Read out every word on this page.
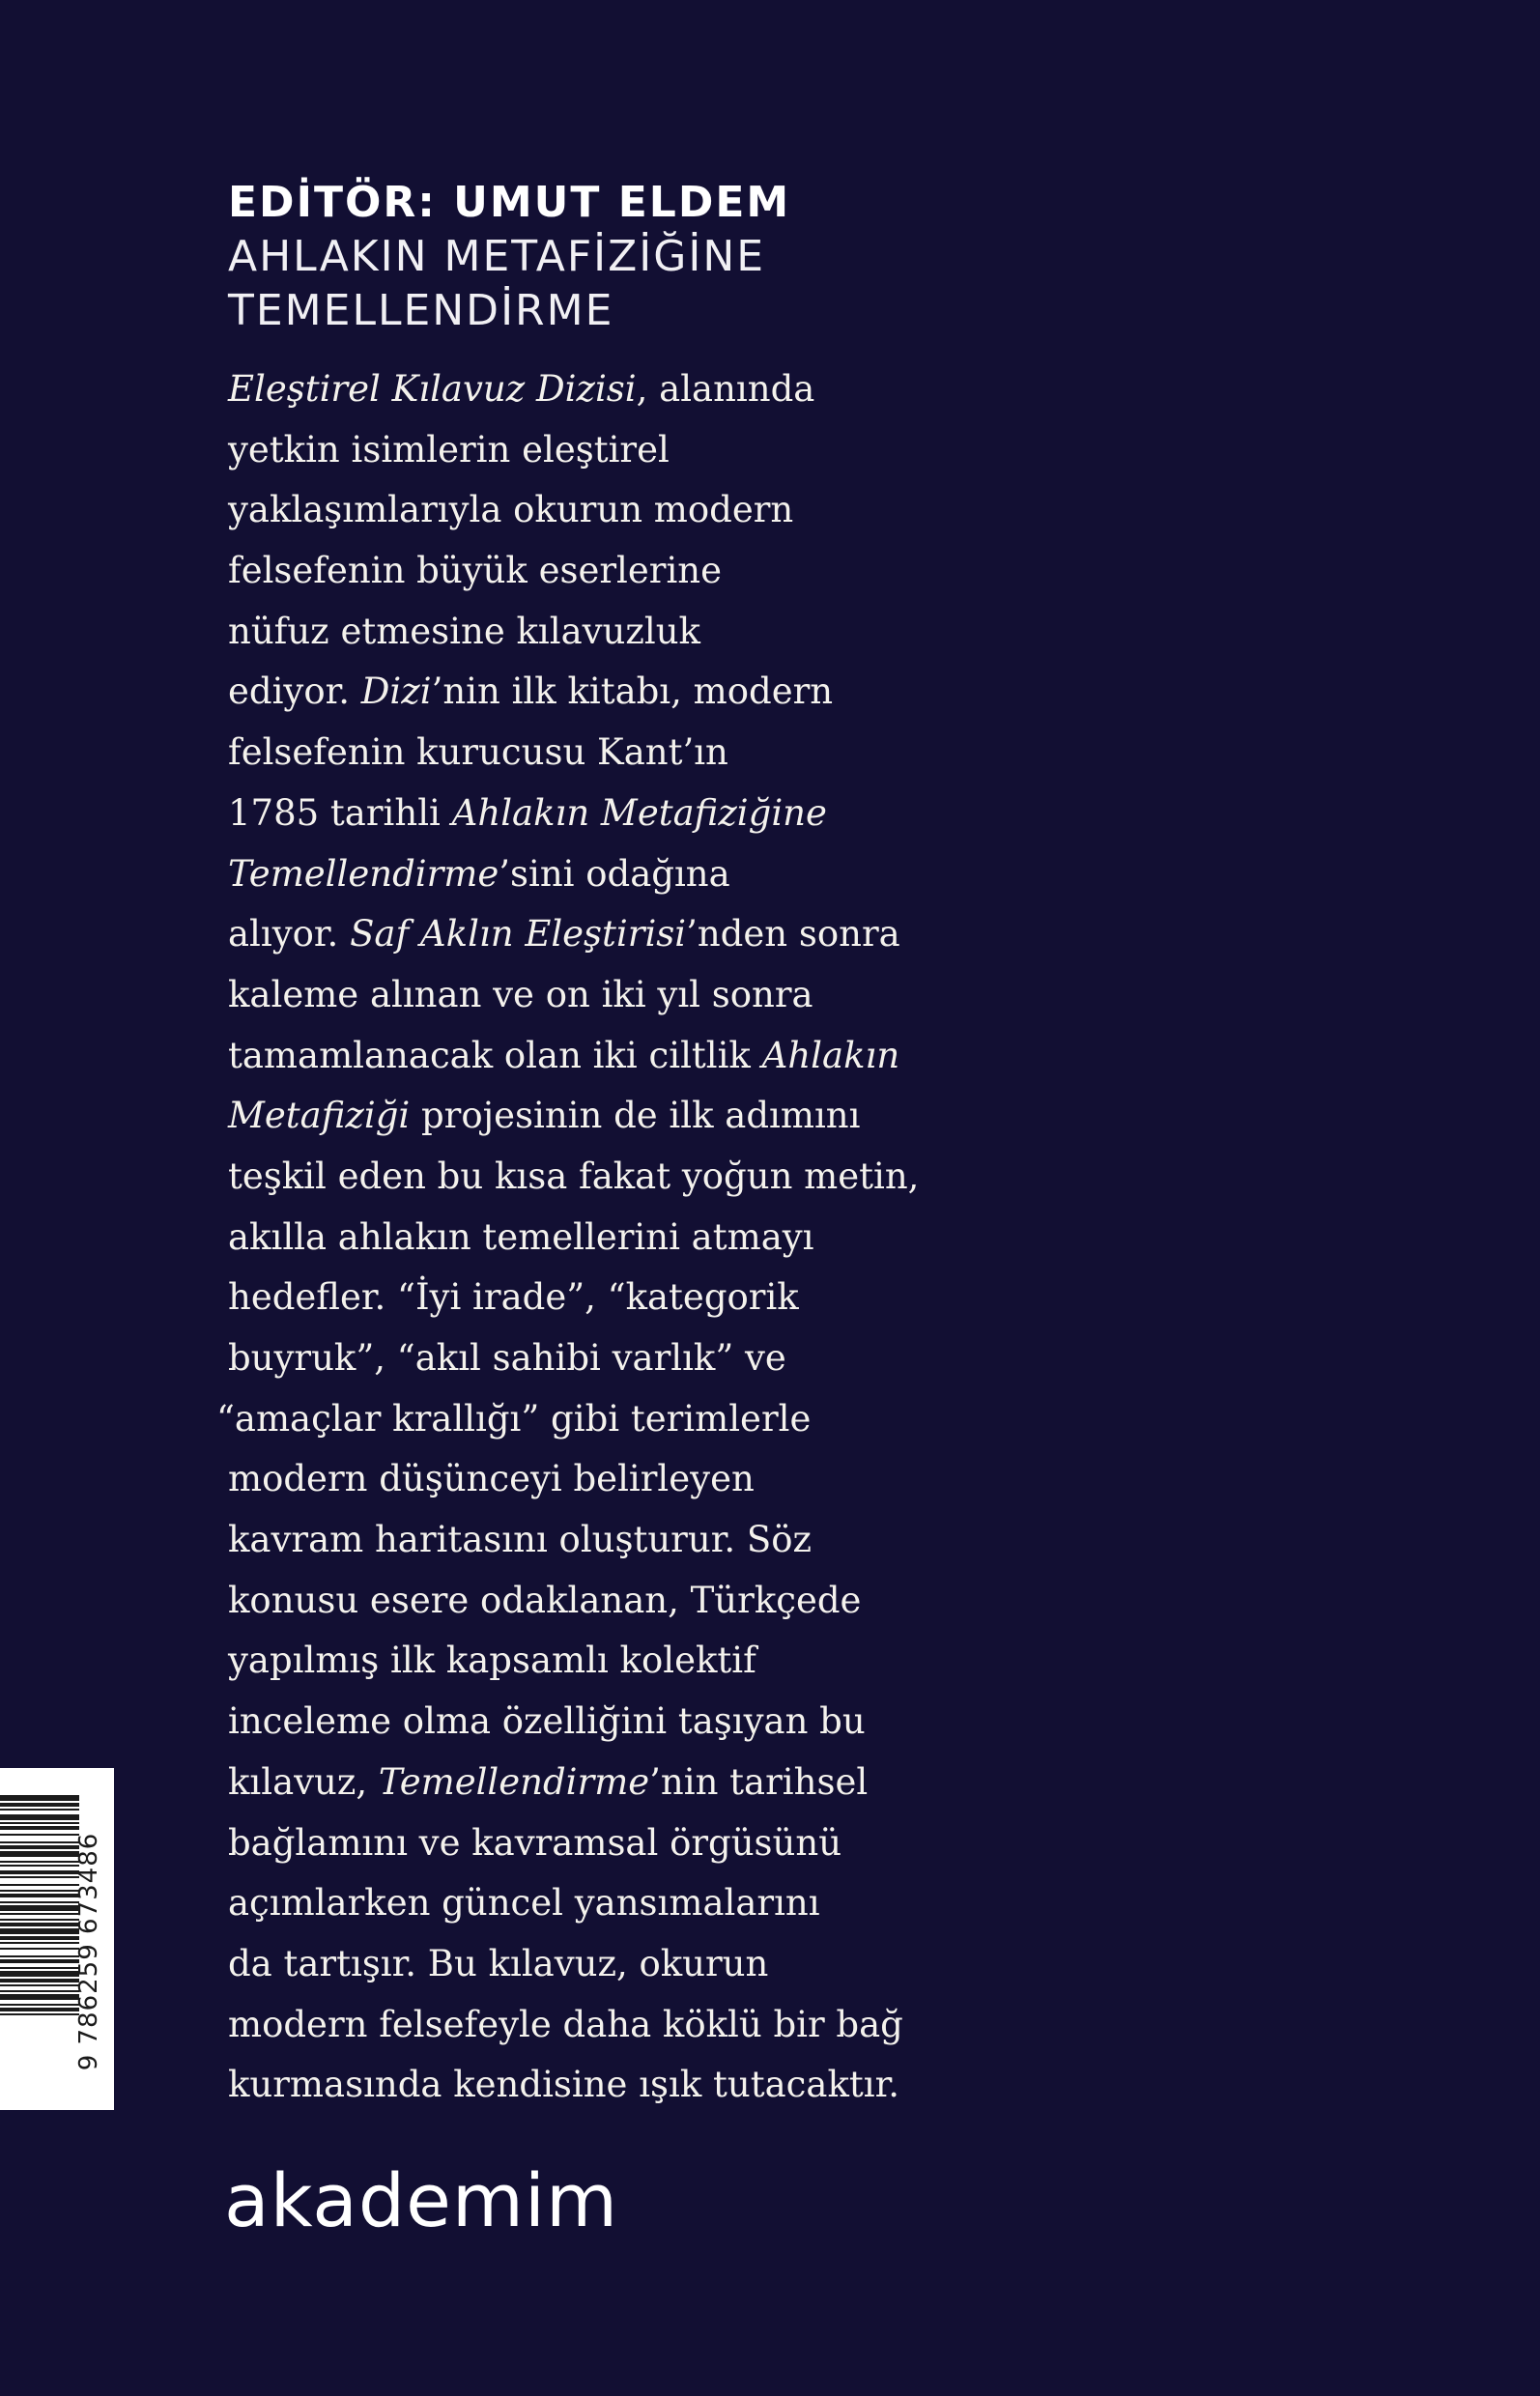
EDİTÖR: UMUT ELDEM
AHLAKIN METAFİZİĞİNE
TEMELLENDİRME
Eleştirel Kılavuz Dizisi, alanında
yetkin isimlerin eleştirel
yaklaşımlarıyla okurun modern
felsefenin büyük eserlerine
nüfuz etmesine kılavuzluk
ediyor. Dizi’nin ilk kitabı, modern
felsefenin kurucusu Kant’ın
1785 tarihli Ahlakın Metafiziğine
Temellendirme’sini odağına
alıyor. Saf Aklın Eleştirisi’nden sonra
kaleme alınan ve on iki yıl sonra
tamamlanacak olan iki ciltlik Ahlakın
Metafiziği projesinin de ilk adımını
teşkil eden bu kısa fakat yoğun metin,
akılla ahlakın temellerini atmayı
hedefler. “İyi irade”, “kategorik
buyruk”, “akıl sahibi varlık” ve
“amaçlar krallığı” gibi terimlerle
modern düşünceyi belirleyen
kavram haritasını oluşturur. Söz
konusu esere odaklanan, Türkçede
yapılmış ilk kapsamlı kolektif
inceleme olma özelliğini taşıyan bu
kılavuz, Temellendirme’nin tarihsel
bağlamını ve kavramsal örgüsünü
açımlarken güncel yansımalarını
da tartışır. Bu kılavuz, okurun
modern felsefeyle daha köklü bir bağ
kurmasında kendisine ışık tutacaktır.
9 786259 673486
akademim
